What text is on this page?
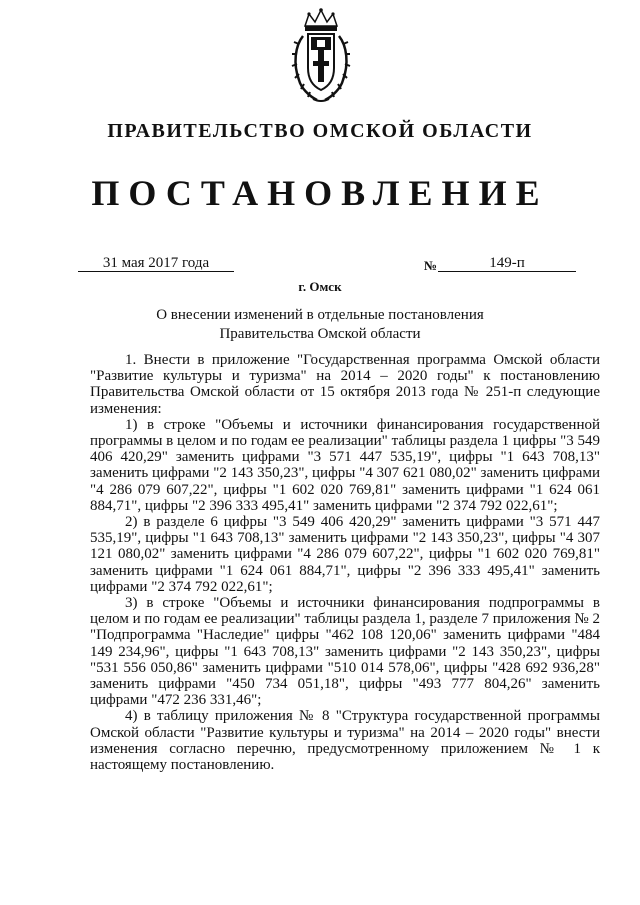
ПРАВИТЕЛЬСТВО ОМСКОЙ ОБЛАСТИ
ПОСТАНОВЛЕНИЕ
31 мая 2017 года	№	149-п
г. Омск
О внесении изменений в отдельные постановления Правительства Омской области

1. Внести в приложение "Государственная программа Омской области "Развитие культуры и туризма" на 2014 – 2020 годы" к постановлению Правительства Омской области от 15 октября 2013 года № 251-п следующие изменения:

1) в строке "Объемы и источники финансирования государственной программы в целом и по годам ее реализации" таблицы раздела 1 цифры "3 549 406 420,29" заменить цифрами "3 571 447 535,19", цифры "1 643 708,13" заменить цифрами "2 143 350,23", цифры "4 307 621 080,02" заменить цифрами "4 286 079 607,22", цифры "1 602 020 769,81" заменить цифрами "1 624 061 884,71", цифры "2 396 333 495,41" заменить цифрами "2 374 792 022,61";

2) в разделе 6 цифры "3 549 406 420,29" заменить цифрами "3 571 447 535,19", цифры "1 643 708,13" заменить цифрами "2 143 350,23", цифры "4 307 121 080,02" заменить цифрами "4 286 079 607,22", цифры "1 602 020 769,81" заменить цифрами "1 624 061 884,71", цифры "2 396 333 495,41" заменить цифрами "2 374 792 022,61";

3) в строке "Объемы и источники финансирования подпрограммы в целом и по годам ее реализации" таблицы раздела 1, разделе 7 приложения № 2 "Подпрограмма "Наследие" цифры "462 108 120,06" заменить цифрами "484 149 234,96", цифры "1 643 708,13" заменить цифрами "2 143 350,23", цифры "531 556 050,86" заменить цифрами "510 014 578,06", цифры "428 692 936,28" заменить цифрами "450 734 051,18", цифры "493 777 804,26" заменить цифрами "472 236 331,46";

4) в таблицу приложения № 8 "Структура государственной программы Омской области "Развитие культуры и туризма" на 2014 – 2020 годы" внести изменения согласно перечню, предусмотренному приложением № 1 к настоящему постановлению.
